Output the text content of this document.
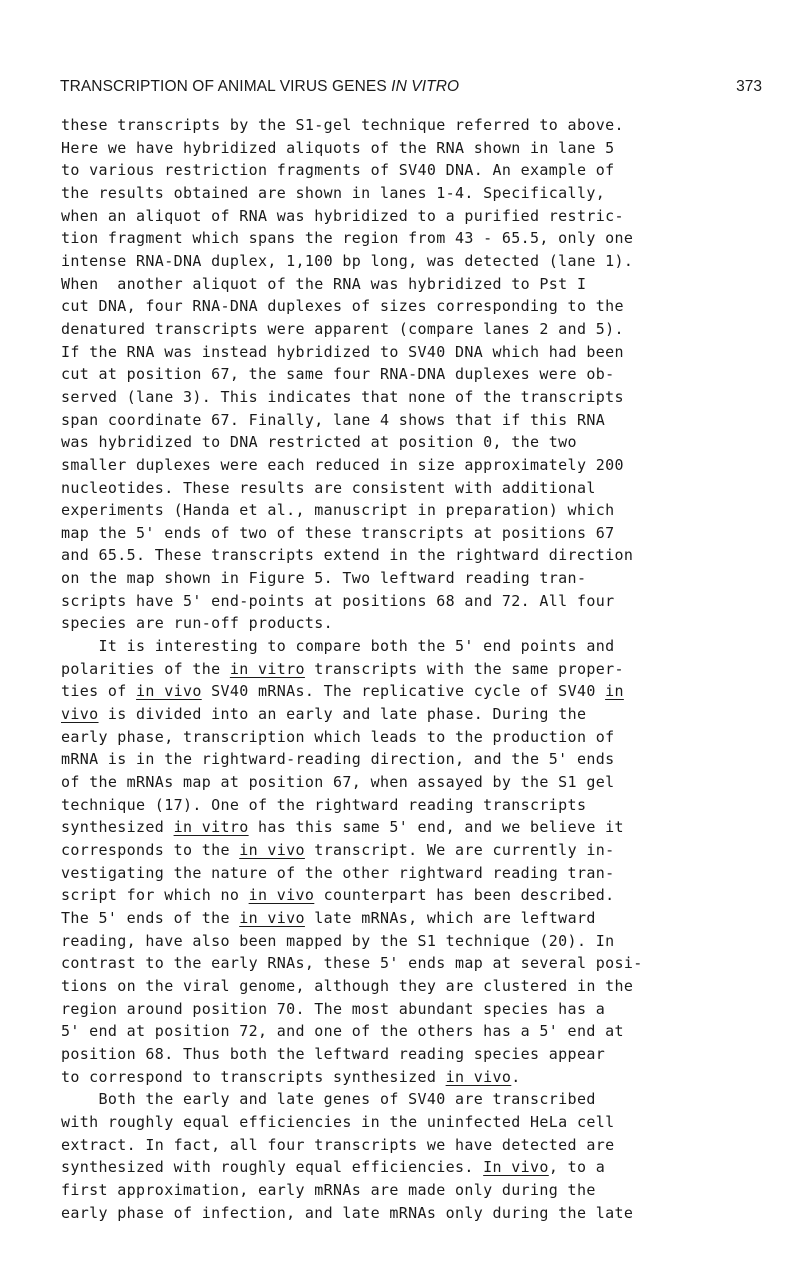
TRANSCRIPTION OF ANIMAL VIRUS GENES IN VITRO	373
these transcripts by the S1-gel technique referred to above.
Here we have hybridized aliquots of the RNA shown in lane 5
to various restriction fragments of SV40 DNA. An example of
the results obtained are shown in lanes 1-4. Specifically,
when an aliquot of RNA was hybridized to a purified restric-
tion fragment which spans the region from 43 - 65.5, only one
intense RNA-DNA duplex, 1,100 bp long, was detected (lane 1).
When  another aliquot of the RNA was hybridized to Pst I
cut DNA, four RNA-DNA duplexes of sizes corresponding to the
denatured transcripts were apparent (compare lanes 2 and 5).
If the RNA was instead hybridized to SV40 DNA which had been
cut at position 67, the same four RNA-DNA duplexes were ob-
served (lane 3). This indicates that none of the transcripts
span coordinate 67. Finally, lane 4 shows that if this RNA
was hybridized to DNA restricted at position 0, the two
smaller duplexes were each reduced in size approximately 200
nucleotides. These results are consistent with additional
experiments (Handa et al., manuscript in preparation) which
map the 5' ends of two of these transcripts at positions 67
and 65.5. These transcripts extend in the rightward direction
on the map shown in Figure 5. Two leftward reading tran-
scripts have 5' end-points at positions 68 and 72. All four
species are run-off products.
It is interesting to compare both the 5' end points and
polarities of the in vitro transcripts with the same proper-
ties of in vivo SV40 mRNAs. The replicative cycle of SV40 in
vivo is divided into an early and late phase. During the
early phase, transcription which leads to the production of
mRNA is in the rightward-reading direction, and the 5' ends
of the mRNAs map at position 67, when assayed by the S1 gel
technique (17). One of the rightward reading transcripts
synthesized in vitro has this same 5' end, and we believe it
corresponds to the in vivo transcript. We are currently in-
vestigating the nature of the other rightward reading tran-
script for which no in vivo counterpart has been described.
The 5' ends of the in vivo late mRNAs, which are leftward
reading, have also been mapped by the S1 technique (20). In
contrast to the early RNAs, these 5' ends map at several posi-
tions on the viral genome, although they are clustered in the
region around position 70. The most abundant species has a
5' end at position 72, and one of the others has a 5' end at
position 68. Thus both the leftward reading species appear
to correspond to transcripts synthesized in vivo.
Both the early and late genes of SV40 are transcribed
with roughly equal efficiencies in the uninfected HeLa cell
extract. In fact, all four transcripts we have detected are
synthesized with roughly equal efficiencies. In vivo, to a
first approximation, early mRNAs are made only during the
early phase of infection, and late mRNAs only during the late
